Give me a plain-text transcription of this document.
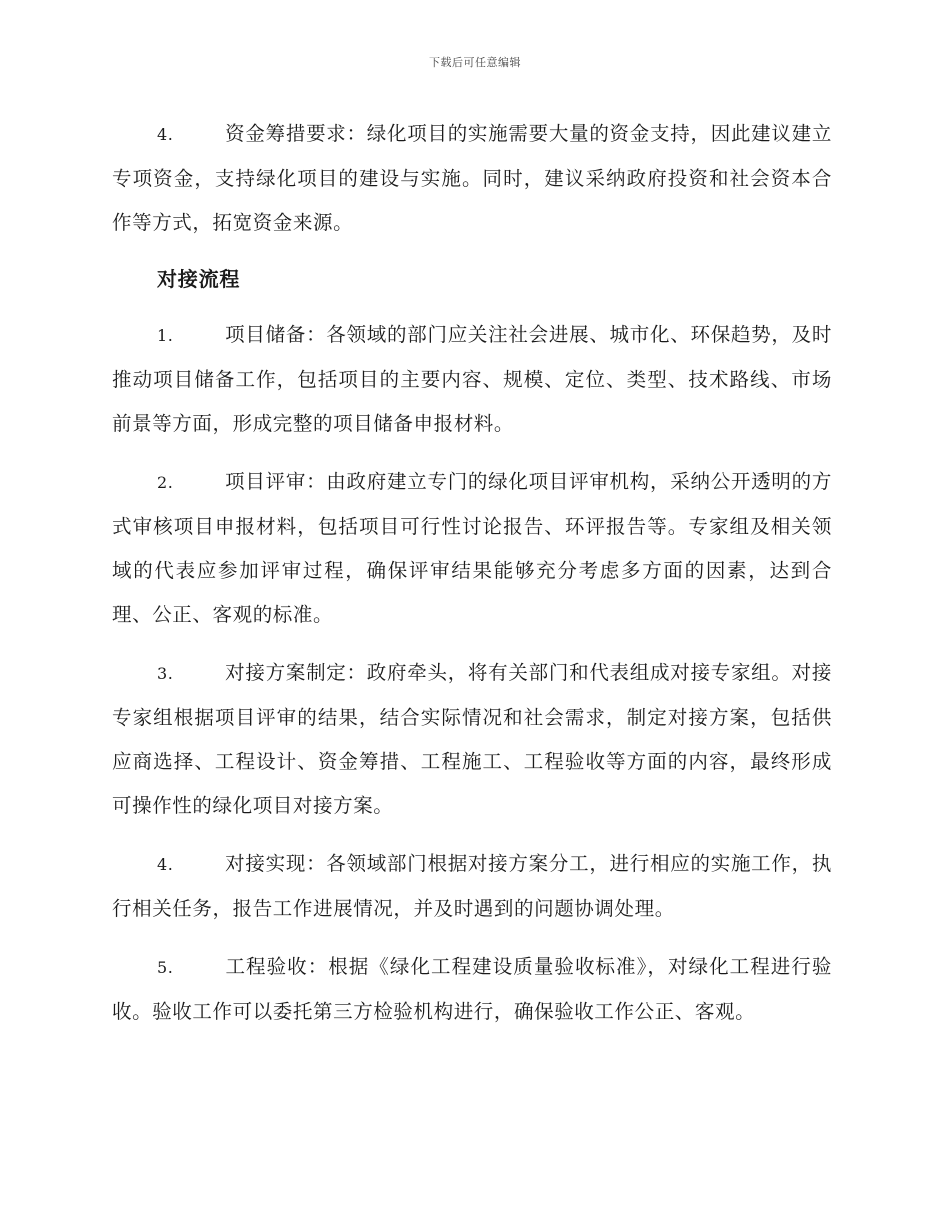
下载后可任意编辑

4.	资金筹措要求：绿化项目的实施需要大量的资金支持，因此建议建立专项资金，支持绿化项目的建设与实施。同时，建议采纳政府投资和社会资本合作等方式，拓宽资金来源。

对接流程

1.	项目储备：各领域的部门应关注社会进展、城市化、环保趋势，及时推动项目储备工作，包括项目的主要内容、规模、定位、类型、技术路线、市场前景等方面，形成完整的项目储备申报材料。

2.	项目评审：由政府建立专门的绿化项目评审机构，采纳公开透明的方式审核项目申报材料，包括项目可行性讨论报告、环评报告等。专家组及相关领域的代表应参加评审过程，确保评审结果能够充分考虑多方面的因素，达到合理、公正、客观的标准。

3.	对接方案制定：政府牵头，将有关部门和代表组成对接专家组。对接专家组根据项目评审的结果，结合实际情况和社会需求，制定对接方案，包括供应商选择、工程设计、资金筹措、工程施工、工程验收等方面的内容，最终形成可操作性的绿化项目对接方案。

4.	对接实现：各领域部门根据对接方案分工，进行相应的实施工作，执行相关任务，报告工作进展情况，并及时遇到的问题协调处理。

5.	工程验收：根据《绿化工程建设质量验收标准》，对绿化工程进行验收。验收工作可以委托第三方检验机构进行，确保验收工作公正、客观。
